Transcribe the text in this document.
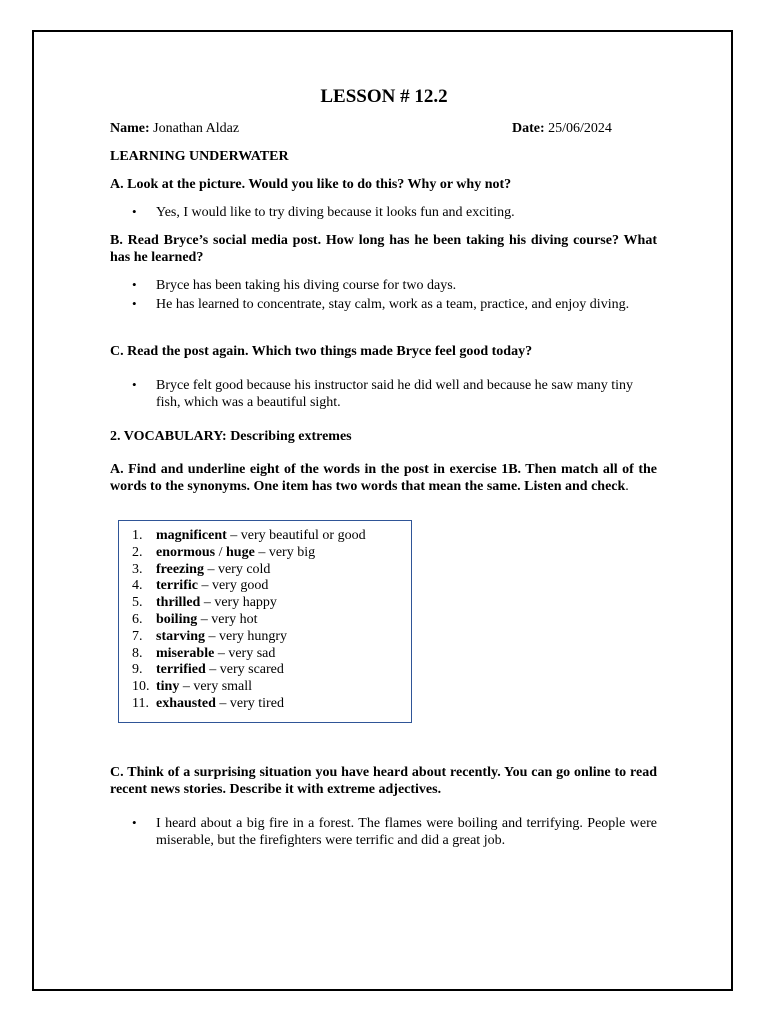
LESSON # 12.2
Name: Jonathan Aldaz	Date: 25/06/2024
LEARNING UNDERWATER
A. Look at the picture. Would you like to do this? Why or why not?
• Yes, I would like to try diving because it looks fun and exciting.
B. Read Bryce’s social media post. How long has he been taking his diving course? What has he learned?
• Bryce has been taking his diving course for two days.
• He has learned to concentrate, stay calm, work as a team, practice, and enjoy diving.
C. Read the post again. Which two things made Bryce feel good today?
• Bryce felt good because his instructor said he did well and because he saw many tiny fish, which was a beautiful sight.
2. VOCABULARY: Describing extremes
A. Find and underline eight of the words in the post in exercise 1B. Then match all of the words to the synonyms. One item has two words that mean the same. Listen and check.
1. magnificent – very beautiful or good
2. enormous / huge – very big
3. freezing – very cold
4. terrific – very good
5. thrilled – very happy
6. boiling – very hot
7. starving – very hungry
8. miserable – very sad
9. terrified – very scared
10. tiny – very small
11. exhausted – very tired
C. Think of a surprising situation you have heard about recently. You can go online to read recent news stories. Describe it with extreme adjectives.
• I heard about a big fire in a forest. The flames were boiling and terrifying. People were miserable, but the firefighters were terrific and did a great job.
